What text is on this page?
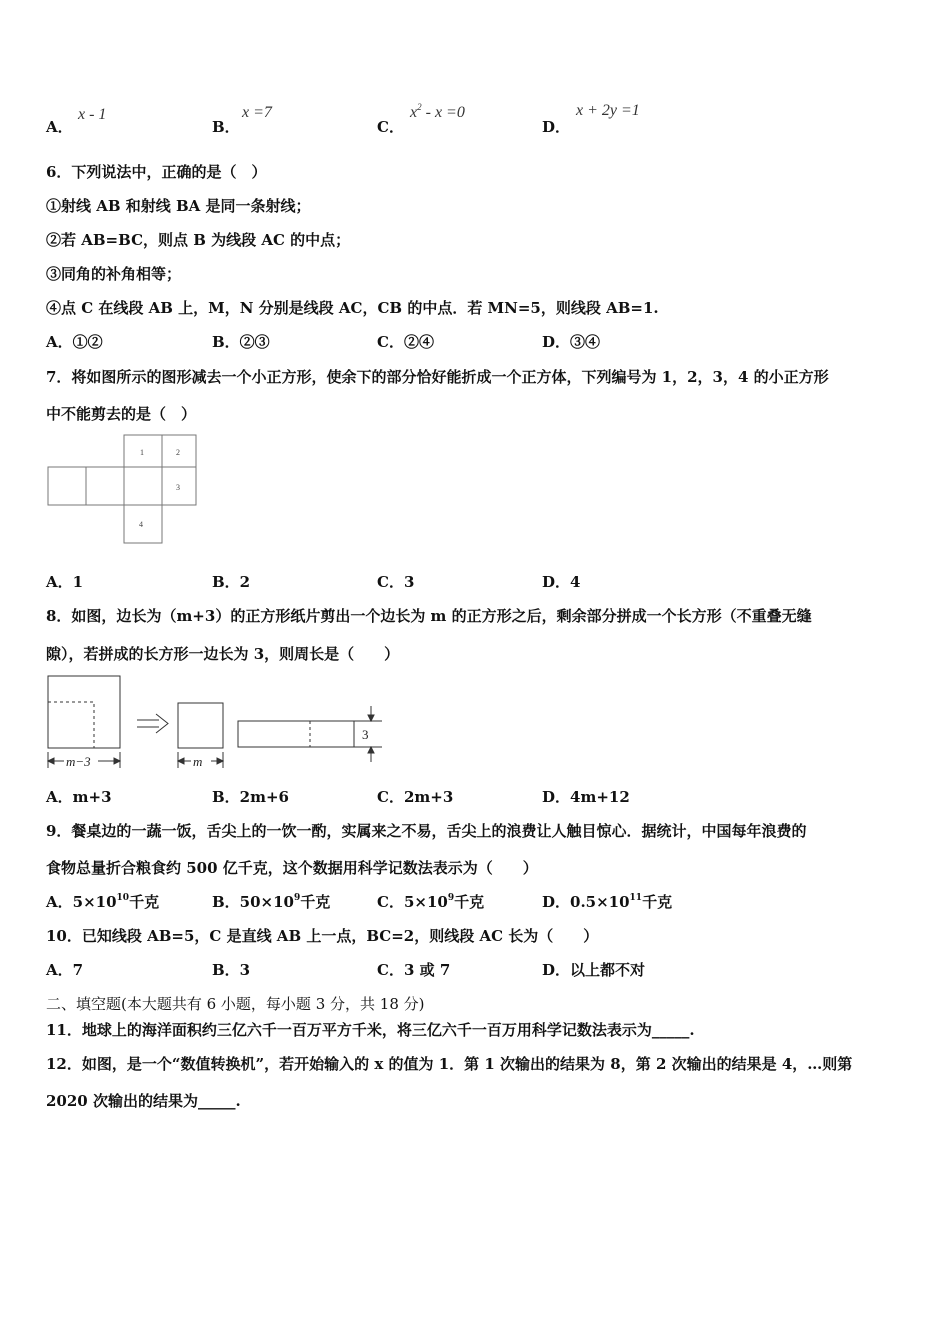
A．
x - 1
B．
x =7
C．
$x^2 - x =0$
D．
x + 2y =1
6．下列说法中，正确的是（　）
①射线 AB 和射线 BA 是同一条射线；
②若 AB=BC，则点 B 为线段 AC 的中点；
③同角的补角相等；
④点 C 在线段 AB 上，M，N 分别是线段 AC，CB 的中点．若 MN=5，则线段 AB=1.
A．①②	B．②③	C．②④	D．③④
7．将如图所示的图形减去一个小正方形，使余下的部分恰好能折成一个正方体，下列编号为 1，2，3，4 的小正方形
中不能剪去的是（　）
1	2
3
4
A．1	B．2	C．3	D．4
8．如图，边长为（m+3）的正方形纸片剪出一个边长为 m 的正方形之后，剩余部分拼成一个长方形（不重叠无缝
隙），若拼成的长方形一边长为 3，则周长是（　　）
m−3	m
3
A．m+3	B．2m+6	C．2m+3	D．4m+12
9．餐桌边的一蔬一饭，舌尖上的一饮一酌，实属来之不易，舌尖上的浪费让人触目惊心．据统计，中国每年浪费的
食物总量折合粮食约 500 亿千克，这个数据用科学记数法表示为（　　）
A．$5\times 10^{10}$千克	B．$50\times 10^9$千克	C．$5\times 10^9$千克	D．$0.5\times 10^{11}$千克
10．已知线段 AB=5，C 是直线 AB 上一点，BC=2，则线段 AC 长为（　　）
A．7	B．3	C．3 或 7	D．以上都不对
二、填空题(本大题共有 6 小题，每小题 3 分，共 18 分)
11．地球上的海洋面积约三亿六千一百万平方千米，将三亿六千一百万用科学记数法表示为_____.
12．如图，是一个“数值转换机”，若开始输入的 x 的值为 1．第 1 次输出的结果为 8，第 2 次输出的结果是 4，…则第
2020 次输出的结果为_____.
